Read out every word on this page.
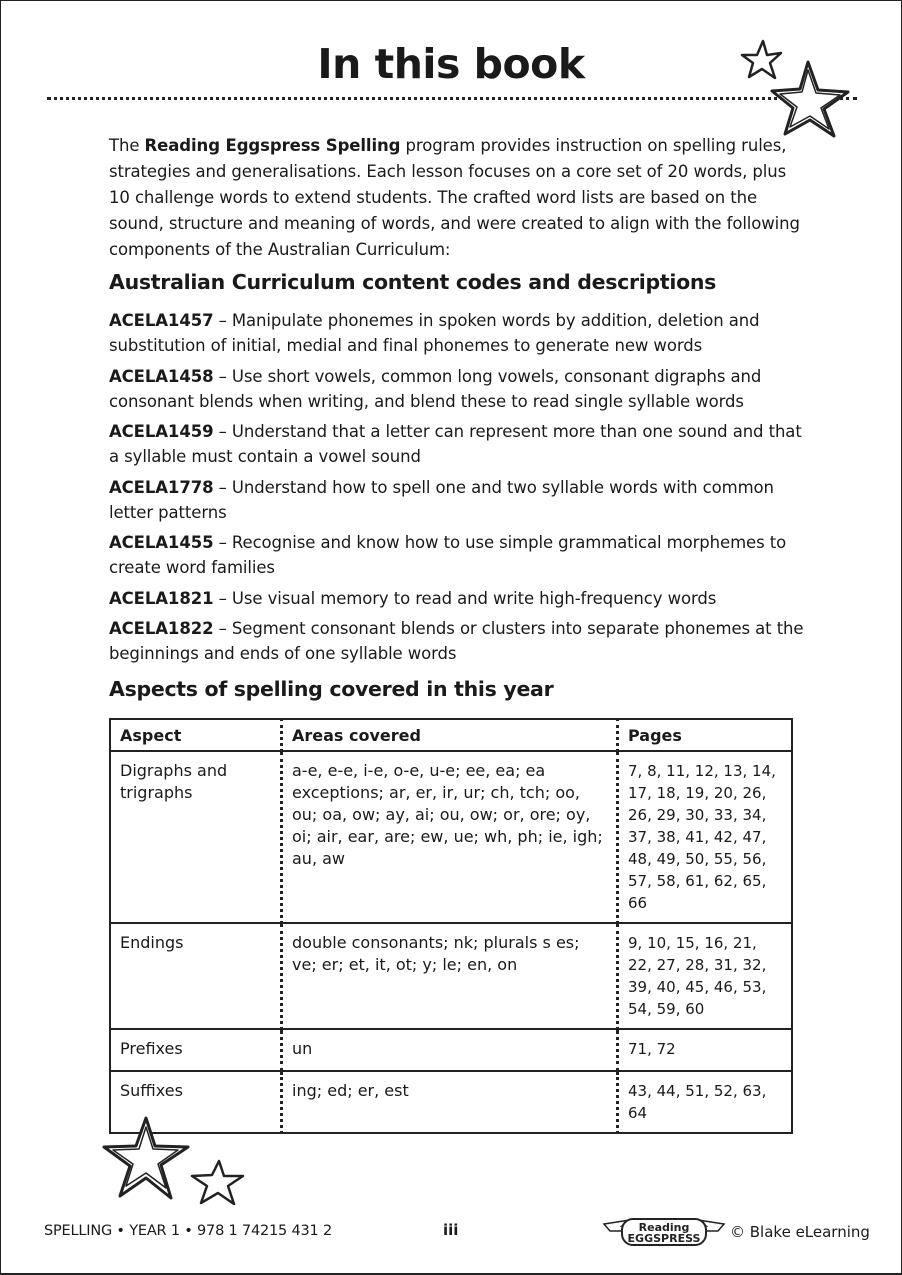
In this book

The Reading Eggspress Spelling program provides instruction on spelling rules, strategies and generalisations. Each lesson focuses on a core set of 20 words, plus 10 challenge words to extend students. The crafted word lists are based on the sound, structure and meaning of words, and were created to align with the following components of the Australian Curriculum:

Australian Curriculum content codes and descriptions
ACELA1457 – Manipulate phonemes in spoken words by addition, deletion and substitution of initial, medial and final phonemes to generate new words
ACELA1458 – Use short vowels, common long vowels, consonant digraphs and consonant blends when writing, and blend these to read single syllable words
ACELA1459 – Understand that a letter can represent more than one sound and that a syllable must contain a vowel sound
ACELA1778 – Understand how to spell one and two syllable words with common letter patterns
ACELA1455 – Recognise and know how to use simple grammatical morphemes to create word families
ACELA1821 – Use visual memory to read and write high-frequency words
ACELA1822 – Segment consonant blends or clusters into separate phonemes at the beginnings and ends of one syllable words
Aspects of spelling covered in this year
Aspect	Areas covered	Pages
Digraphs and trigraphs	a-e, e-e, i-e, o-e, u-e; ee, ea; ea exceptions; ar, er, ir, ur; ch, tch; oo, ou; oa, ow; ay, ai; ou, ow; or, ore; oy, oi; air, ear, are; ew, ue; wh, ph; ie, igh; au, aw	7, 8, 11, 12, 13, 14, 17, 18, 19, 20, 26, 26, 29, 30, 33, 34, 37, 38, 41, 42, 47, 48, 49, 50, 55, 56, 57, 58, 61, 62, 65, 66
Endings	double consonants; nk; plurals s es; ve; er; et, it, ot; y; le; en, on	9, 10, 15, 16, 21, 22, 27, 28, 31, 32, 39, 40, 45, 46, 53, 54, 59, 60
Prefixes	un	71, 72
Suffixes	ing; ed; er, est	43, 44, 51, 52, 63, 64
SPELLING • YEAR 1 • 978 1 74215 431 2	iii	Reading
EGGSPRESS © Blake eLearning
